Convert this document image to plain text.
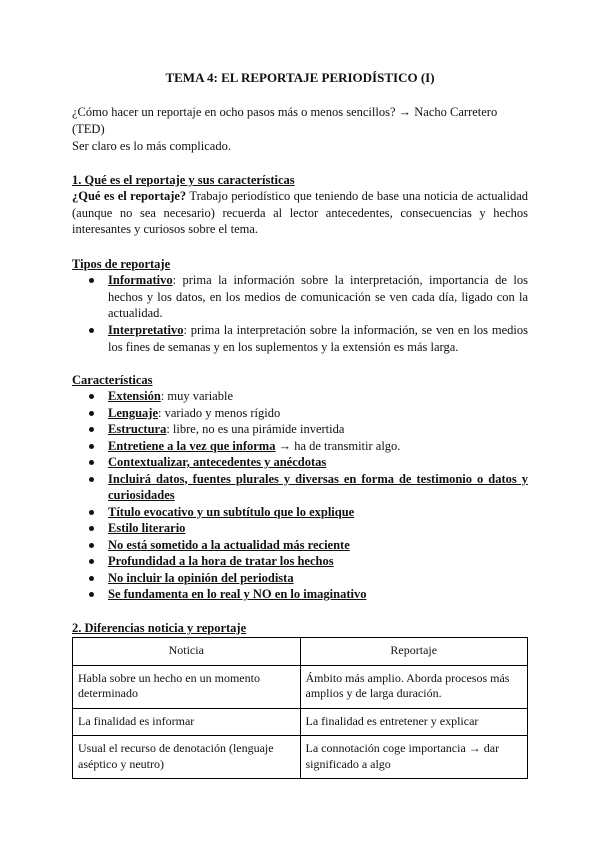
TEMA 4: EL REPORTAJE PERIODÍSTICO (I)
¿Cómo hacer un reportaje en ocho pasos más o menos sencillos? → Nacho Carretero (TED)
Ser claro es lo más complicado.
1. Qué es el reportaje y sus características
¿Qué es el reportaje? Trabajo periodístico que teniendo de base una noticia de actualidad (aunque no sea necesario) recuerda al lector antecedentes, consecuencias y hechos interesantes y curiosos sobre el tema.
Tipos de reportaje
Informativo: prima la información sobre la interpretación, importancia de los hechos y los datos, en los medios de comunicación se ven cada día, ligado con la actualidad.
Interpretativo: prima la interpretación sobre la información, se ven en los medios los fines de semanas y en los suplementos y la extensión es más larga.
Características
Extensión: muy variable
Lenguaje: variado y menos rígido
Estructura: libre, no es una pirámide invertida
Entretiene a la vez que informa → ha de transmitir algo.
Contextualizar, antecedentes y anécdotas
Incluirá datos, fuentes plurales y diversas en forma de testimonio o datos y curiosidades
Título evocativo y un subtítulo que lo explique
Estilo literario
No está sometido a la actualidad más reciente
Profundidad a la hora de tratar los hechos
No incluir la opinión del periodista
Se fundamenta en lo real y NO en lo imaginativo
2. Diferencias noticia y reportaje
Noticia	Reportaje
Habla sobre un hecho en un momento determinado	Ámbito más amplio. Aborda procesos más amplios y de larga duración.
La finalidad es informar	La finalidad es entretener y explicar
Usual el recurso de denotación (lenguaje aséptico y neutro)	La connotación coge importancia → dar significado a algo
